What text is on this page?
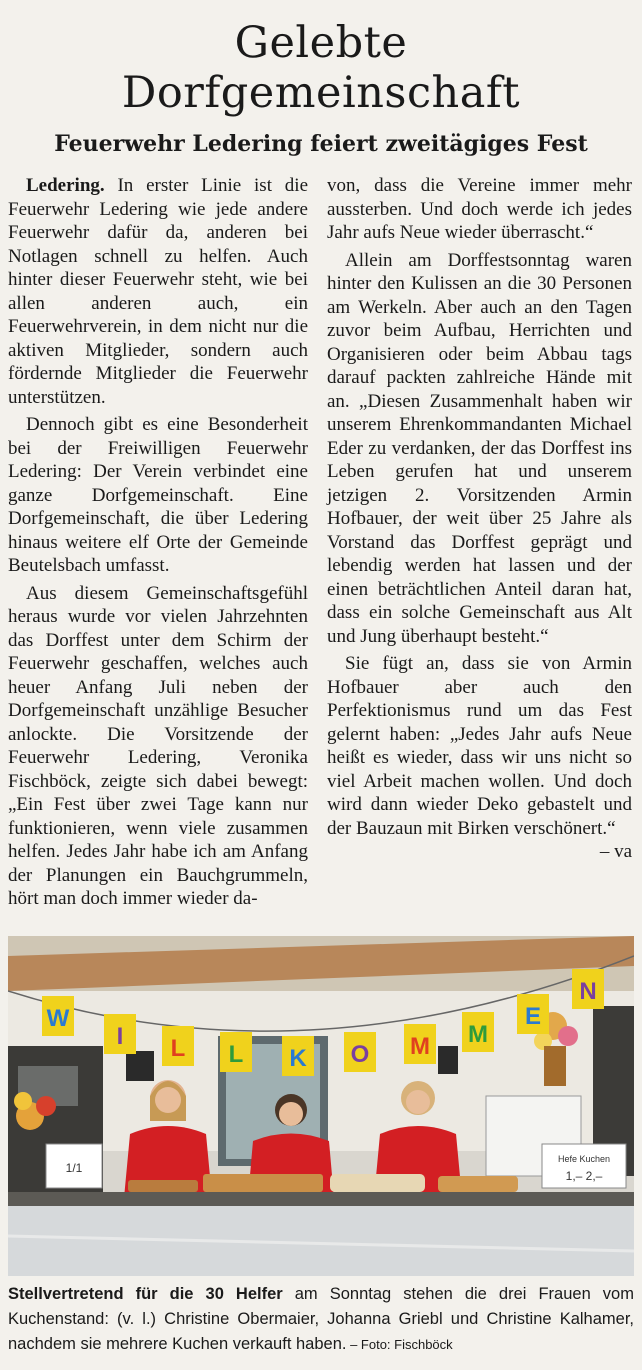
Gelebte
Dorfgemeinschaft
Feuerwehr Ledering feiert zweitägiges Fest

Ledering. In erster Linie ist die Feuerwehr Ledering wie jede andere Feuerwehr dafür da, anderen bei Notlagen schnell zu helfen. Auch hinter dieser Feuerwehr steht, wie bei allen anderen auch, ein Feuerwehrverein, in dem nicht nur die aktiven Mitglieder, sondern auch fördernde Mitglieder die Feuerwehr unterstützen.

Dennoch gibt es eine Besonderheit bei der Freiwilligen Feuerwehr Ledering: Der Verein verbindet eine ganze Dorfgemeinschaft. Eine Dorfgemeinschaft, die über Ledering hinaus weitere elf Orte der Gemeinde Beutelsbach umfasst.

Aus diesem Gemeinschaftsgefühl heraus wurde vor vielen Jahrzehnten das Dorffest unter dem Schirm der Feuerwehr geschaffen, welches auch heuer Anfang Juli neben der Dorfgemeinschaft unzählige Besucher anlockte. Die Vorsitzende der Feuerwehr Ledering, Veronika Fischböck, zeigte sich dabei bewegt: „Ein Fest über zwei Tage kann nur funktionieren, wenn viele zusammen helfen. Jedes Jahr habe ich am Anfang der Planungen ein Bauchgrummeln, hört man doch immer wieder da-

von, dass die Vereine immer mehr aussterben. Und doch werde ich jedes Jahr aufs Neue wieder überrascht.“

Allein am Dorffestsonntag waren hinter den Kulissen an die 30 Personen am Werkeln. Aber auch an den Tagen zuvor beim Aufbau, Herrichten und Organisieren oder beim Abbau tags darauf packten zahlreiche Hände mit an. „Diesen Zusammenhalt haben wir unserem Ehrenkommandanten Michael Eder zu verdanken, der das Dorffest ins Leben gerufen hat und unserem jetzigen 2. Vorsitzenden Armin Hofbauer, der weit über 25 Jahre als Vorstand das Dorffest geprägt und lebendig werden hat lassen und der einen beträchtlichen Anteil daran hat, dass ein solche Gemeinschaft aus Alt und Jung überhaupt besteht.“

Sie fügt an, dass sie von Armin Hofbauer aber auch den Perfektionismus rund um das Fest gelernt haben: „Jedes Jahr aufs Neue heißt es wieder, dass wir uns nicht so viel Arbeit machen wollen. Und doch wird dann wieder Deko gebastelt und der Bauzaun mit Birken verschönert.“
– va

1/1
Hefe Kuchen
1,– 2,–
W
I L L K O M M
E
N
Stellvertretend für die 30 Helfer am Sonntag stehen die drei Frauen vom Kuchenstand: (v. l.) Christine Obermaier, Johanna Griebl und Christine Kalhamer, nachdem sie mehrere Kuchen verkauft haben. – Foto: Fischböck
